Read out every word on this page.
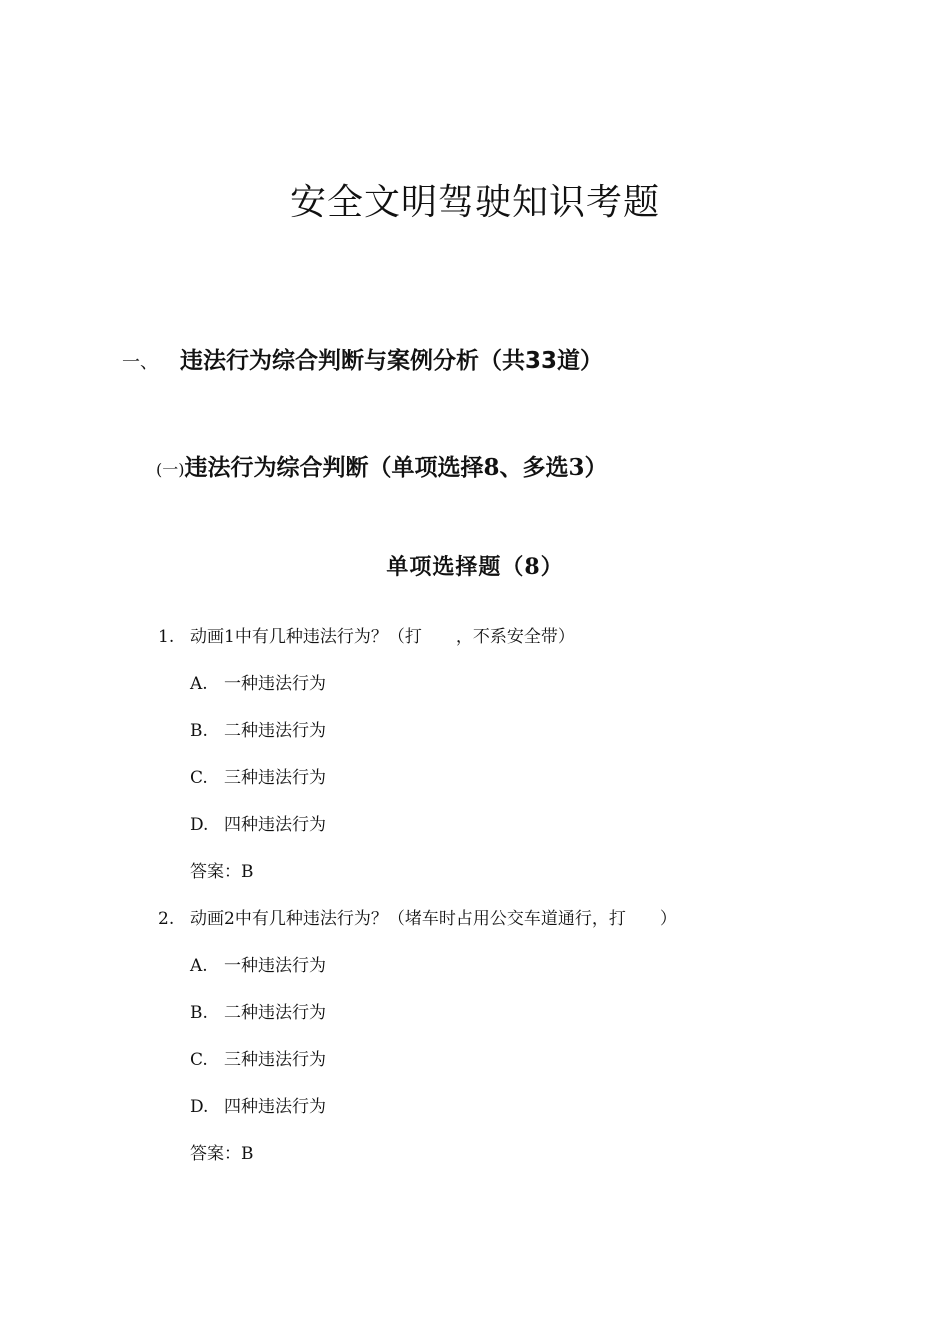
安全文明驾驶知识考题
一、 违法行为综合判断与案例分析（共33道）
(一)违法行为综合判断（单项选择8、多选3）
单项选择题（8）
1. 动画1中有几种违法行为？（打　　，不系安全带）
A. 一种违法行为
B. 二种违法行为
C. 三种违法行为
D. 四种违法行为
答案：B
2. 动画2中有几种违法行为？（堵车时占用公交车道通行，打　　）
A. 一种违法行为
B. 二种违法行为
C. 三种违法行为
D. 四种违法行为
答案：B
